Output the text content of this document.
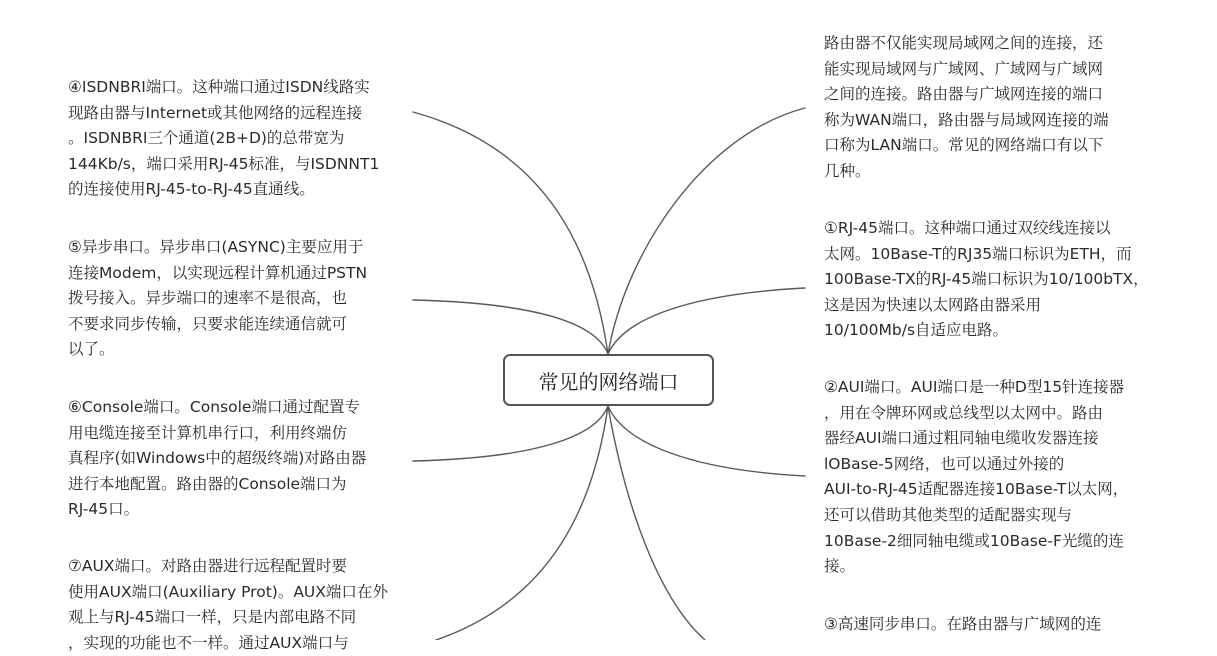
常见的网络端口
④ISDNBRI端口。这种端口通过ISDN线路实
现路由器与Internet或其他网络的远程连接
。ISDNBRI三个通道(2B+D)的总带宽为
144Kb/s，端口采用RJ-45标准，与ISDNNT1
的连接使用RJ-45-to-RJ-45直通线。
⑤异步串口。异步串口(ASYNC)主要应用于
连接Modem，以实现远程计算机通过PSTN
拨号接入。异步端口的速率不是很高，也
不要求同步传输，只要求能连续通信就可
以了。
⑥Console端口。Console端口通过配置专
用电缆连接至计算机串行口，利用终端仿
真程序(如Windows中的超级终端)对路由器
进行本地配置。路由器的Console端口为
RJ-45口。
⑦AUX端口。对路由器进行远程配置时要
使用AUX端口(Auxiliary Prot)。AUX端口在外
观上与RJ-45端口一样，只是内部电路不同
，实现的功能也不一样。通过AUX端口与
路由器不仅能实现局域网之间的连接，还
能实现局域网与广域网、广域网与广域网
之间的连接。路由器与广域网连接的端口
称为WAN端口，路由器与局域网连接的端
口称为LAN端口。常见的网络端口有以下
几种。
①RJ-45端口。这种端口通过双绞线连接以
太网。10Base-T的RJ35端口标识为ETH，而
100Base-TX的RJ-45端口标识为10/100bTX，
这是因为快速以太网路由器采用
10/100Mb/s自适应电路。
②AUI端口。AUI端口是一种D型15针连接器
，用在令牌环网或总线型以太网中。路由
器经AUI端口通过粗同轴电缆收发器连接
lOBase-5网络，也可以通过外接的
AUI-to-RJ-45适配器连接10Base-T以太网，
还可以借助其他类型的适配器实现与
10Base-2细同轴电缆或10Base-F光缆的连
接。
③高速同步串口。在路由器与广域网的连
